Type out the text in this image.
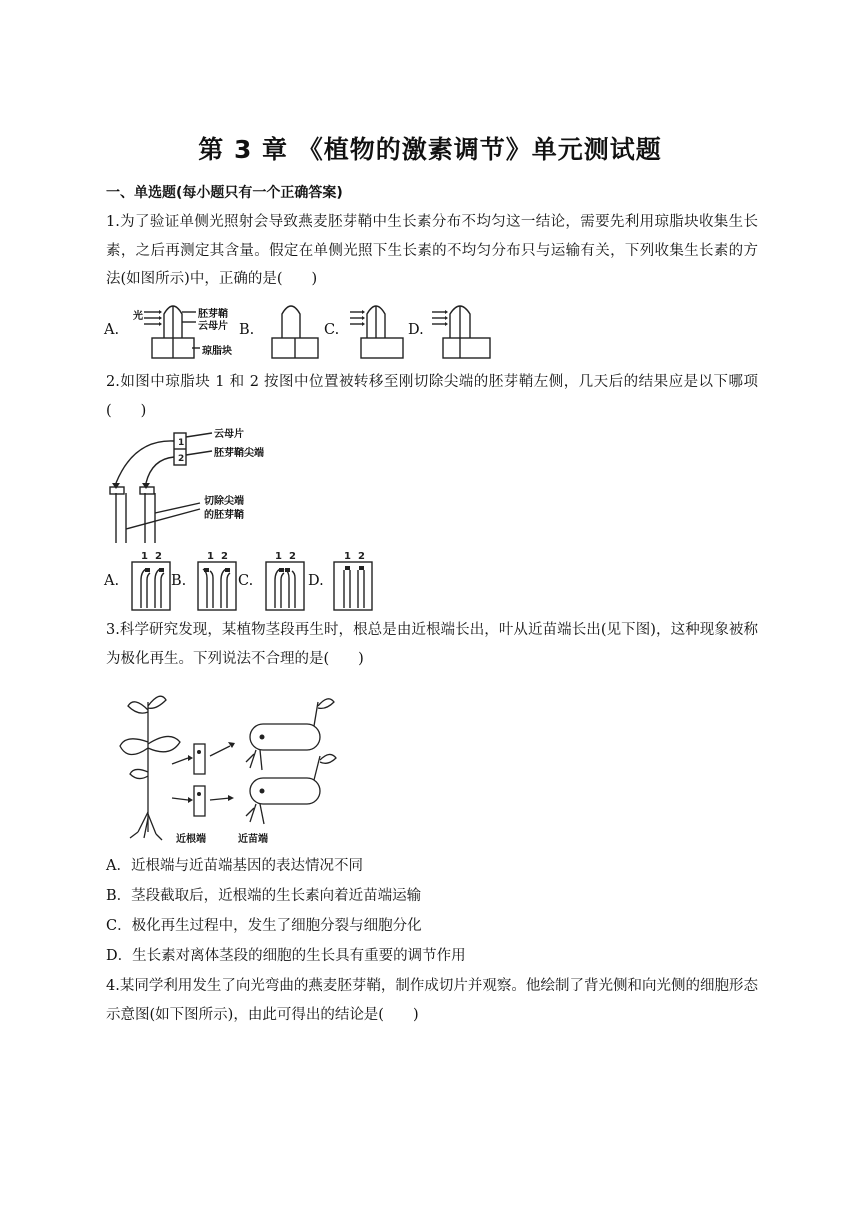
第 3 章 《植物的激素调节》单元测试题
一、单选题(每小题只有一个正确答案)
1.为了验证单侧光照射会导致燕麦胚芽鞘中生长素分布不均匀这一结论，需要先利用琼脂块收集生长素，之后再测定其含量。假定在单侧光照下生长素的不均匀分布只与运输有关，下列收集生长素的方法(如图所示)中，正确的是(　　)
A.	B.	C.	D.
光	胚芽鞘
云母片
琼脂块
2.如图中琼脂块 1 和 2 按图中位置被转移至刚切除尖端的胚芽鞘左侧，几天后的结果应是以下哪项(　　)
1
2
云母片
胚芽鞘尖端
切除尖端
的胚芽鞘
A.	B.	C.	D.
1 2	1 2	1 2	1 2
3.科学研究发现，某植物茎段再生时，根总是由近根端长出，叶从近苗端长出(见下图)，这种现象被称为极化再生。下列说法不合理的是(　　)
近根端	近苗端
A．近根端与近苗端基因的表达情况不同
B．茎段截取后，近根端的生长素向着近苗端运输
C．极化再生过程中，发生了细胞分裂与细胞分化
D．生长素对离体茎段的细胞的生长具有重要的调节作用
4.某同学利用发生了向光弯曲的燕麦胚芽鞘，制作成切片并观察。他绘制了背光侧和向光侧的细胞形态示意图(如下图所示)，由此可得出的结论是(　　)
